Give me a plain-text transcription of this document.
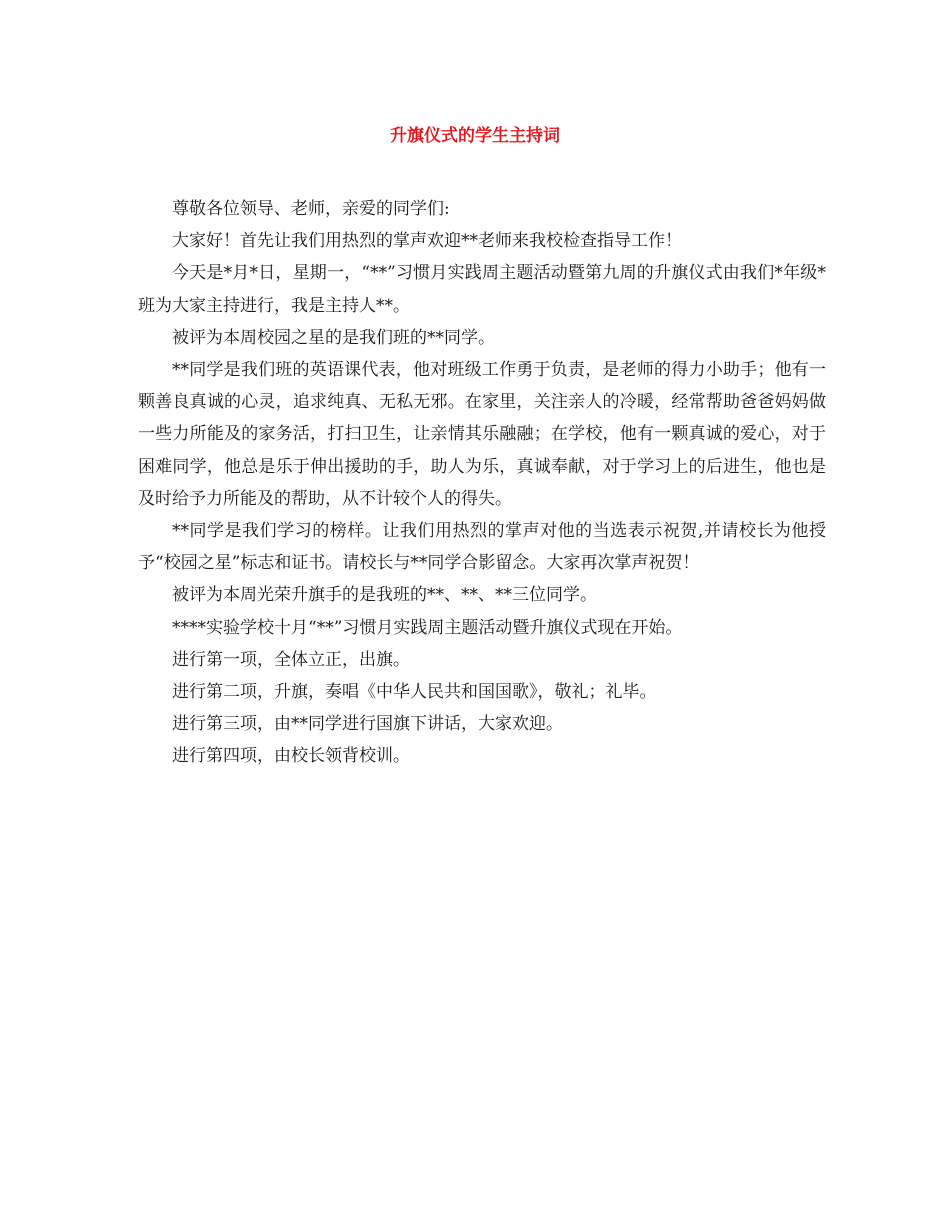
升旗仪式的学生主持词

尊敬各位领导、老师，亲爱的同学们:

大家好！首先让我们用热烈的掌声欢迎**老师来我校检查指导工作！

今天是*月*日，星期一，“**”习惯月实践周主题活动暨第九周的升旗仪式由我们*年级*班为大家主持进行，我是主持人**。

被评为本周校园之星的是我们班的**同学。

**同学是我们班的英语课代表，他对班级工作勇于负责，是老师的得力小助手；他有一颗善良真诚的心灵，追求纯真、无私无邪。在家里，关注亲人的冷暖，经常帮助爸爸妈妈做一些力所能及的家务活，打扫卫生，让亲情其乐融融；在学校，他有一颗真诚的爱心，对于困难同学，他总是乐于伸出援助的手，助人为乐，真诚奉献，对于学习上的后进生，他也是及时给予力所能及的帮助，从不计较个人的得失。

**同学是我们学习的榜样。让我们用热烈的掌声对他的当选表示祝贺,并请校长为他授予“校园之星”标志和证书。请校长与**同学合影留念。大家再次掌声祝贺！

被评为本周光荣升旗手的是我班的**、**、**三位同学。

****实验学校十月“**”习惯月实践周主题活动暨升旗仪式现在开始。

进行第一项，全体立正，出旗。

进行第二项，升旗，奏唱《中华人民共和国国歌》，敬礼；礼毕。

进行第三项，由**同学进行国旗下讲话，大家欢迎。

进行第四项，由校长领背校训。
